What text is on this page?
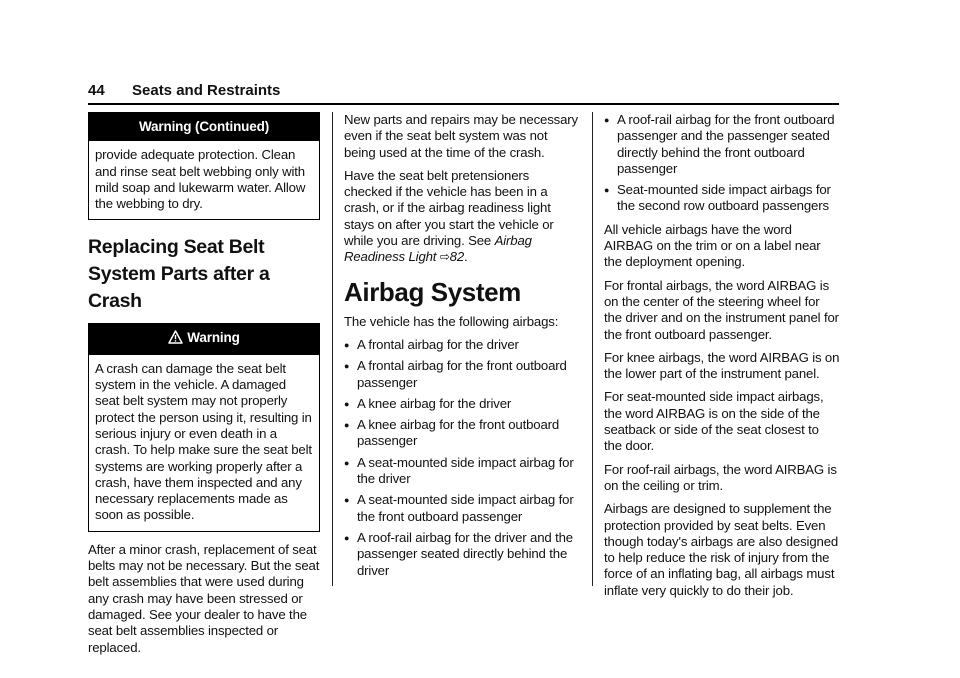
44 Seats and Restraints
Warning (Continued)
provide adequate protection. Clean and rinse seat belt webbing only with mild soap and lukewarm water. Allow the webbing to dry.
Replacing Seat Belt System Parts after a Crash
Warning
A crash can damage the seat belt system in the vehicle. A damaged seat belt system may not properly protect the person using it, resulting in serious injury or even death in a crash. To help make sure the seat belt systems are working properly after a crash, have them inspected and any necessary replacements made as soon as possible.

After a minor crash, replacement of seat belts may not be necessary. But the seat belt assemblies that were used during any crash may have been stressed or damaged. See your dealer to have the seat belt assemblies inspected or replaced.

New parts and repairs may be necessary even if the seat belt system was not being used at the time of the crash.

Have the seat belt pretensioners checked if the vehicle has been in a crash, or if the airbag readiness light stays on after you start the vehicle or while you are driving. See Airbag Readiness Light ⇨82.

Airbag System

The vehicle has the following airbags:

● A frontal airbag for the driver
● A frontal airbag for the front outboard passenger
● A knee airbag for the driver
● A knee airbag for the front outboard passenger
● A seat-mounted side impact airbag for the driver
● A seat-mounted side impact airbag for the front outboard passenger
● A roof-rail airbag for the driver and the passenger seated directly behind the driver
● A roof-rail airbag for the front outboard passenger and the passenger seated directly behind the front outboard passenger
● Seat-mounted side impact airbags for the second row outboard passengers

All vehicle airbags have the word AIRBAG on the trim or on a label near the deployment opening.

For frontal airbags, the word AIRBAG is on the center of the steering wheel for the driver and on the instrument panel for the front outboard passenger.

For knee airbags, the word AIRBAG is on the lower part of the instrument panel.

For seat-mounted side impact airbags, the word AIRBAG is on the side of the seatback or side of the seat closest to the door.

For roof-rail airbags, the word AIRBAG is on the ceiling or trim.

Airbags are designed to supplement the protection provided by seat belts. Even though today's airbags are also designed to help reduce the risk of injury from the force of an inflating bag, all airbags must inflate very quickly to do their job.
